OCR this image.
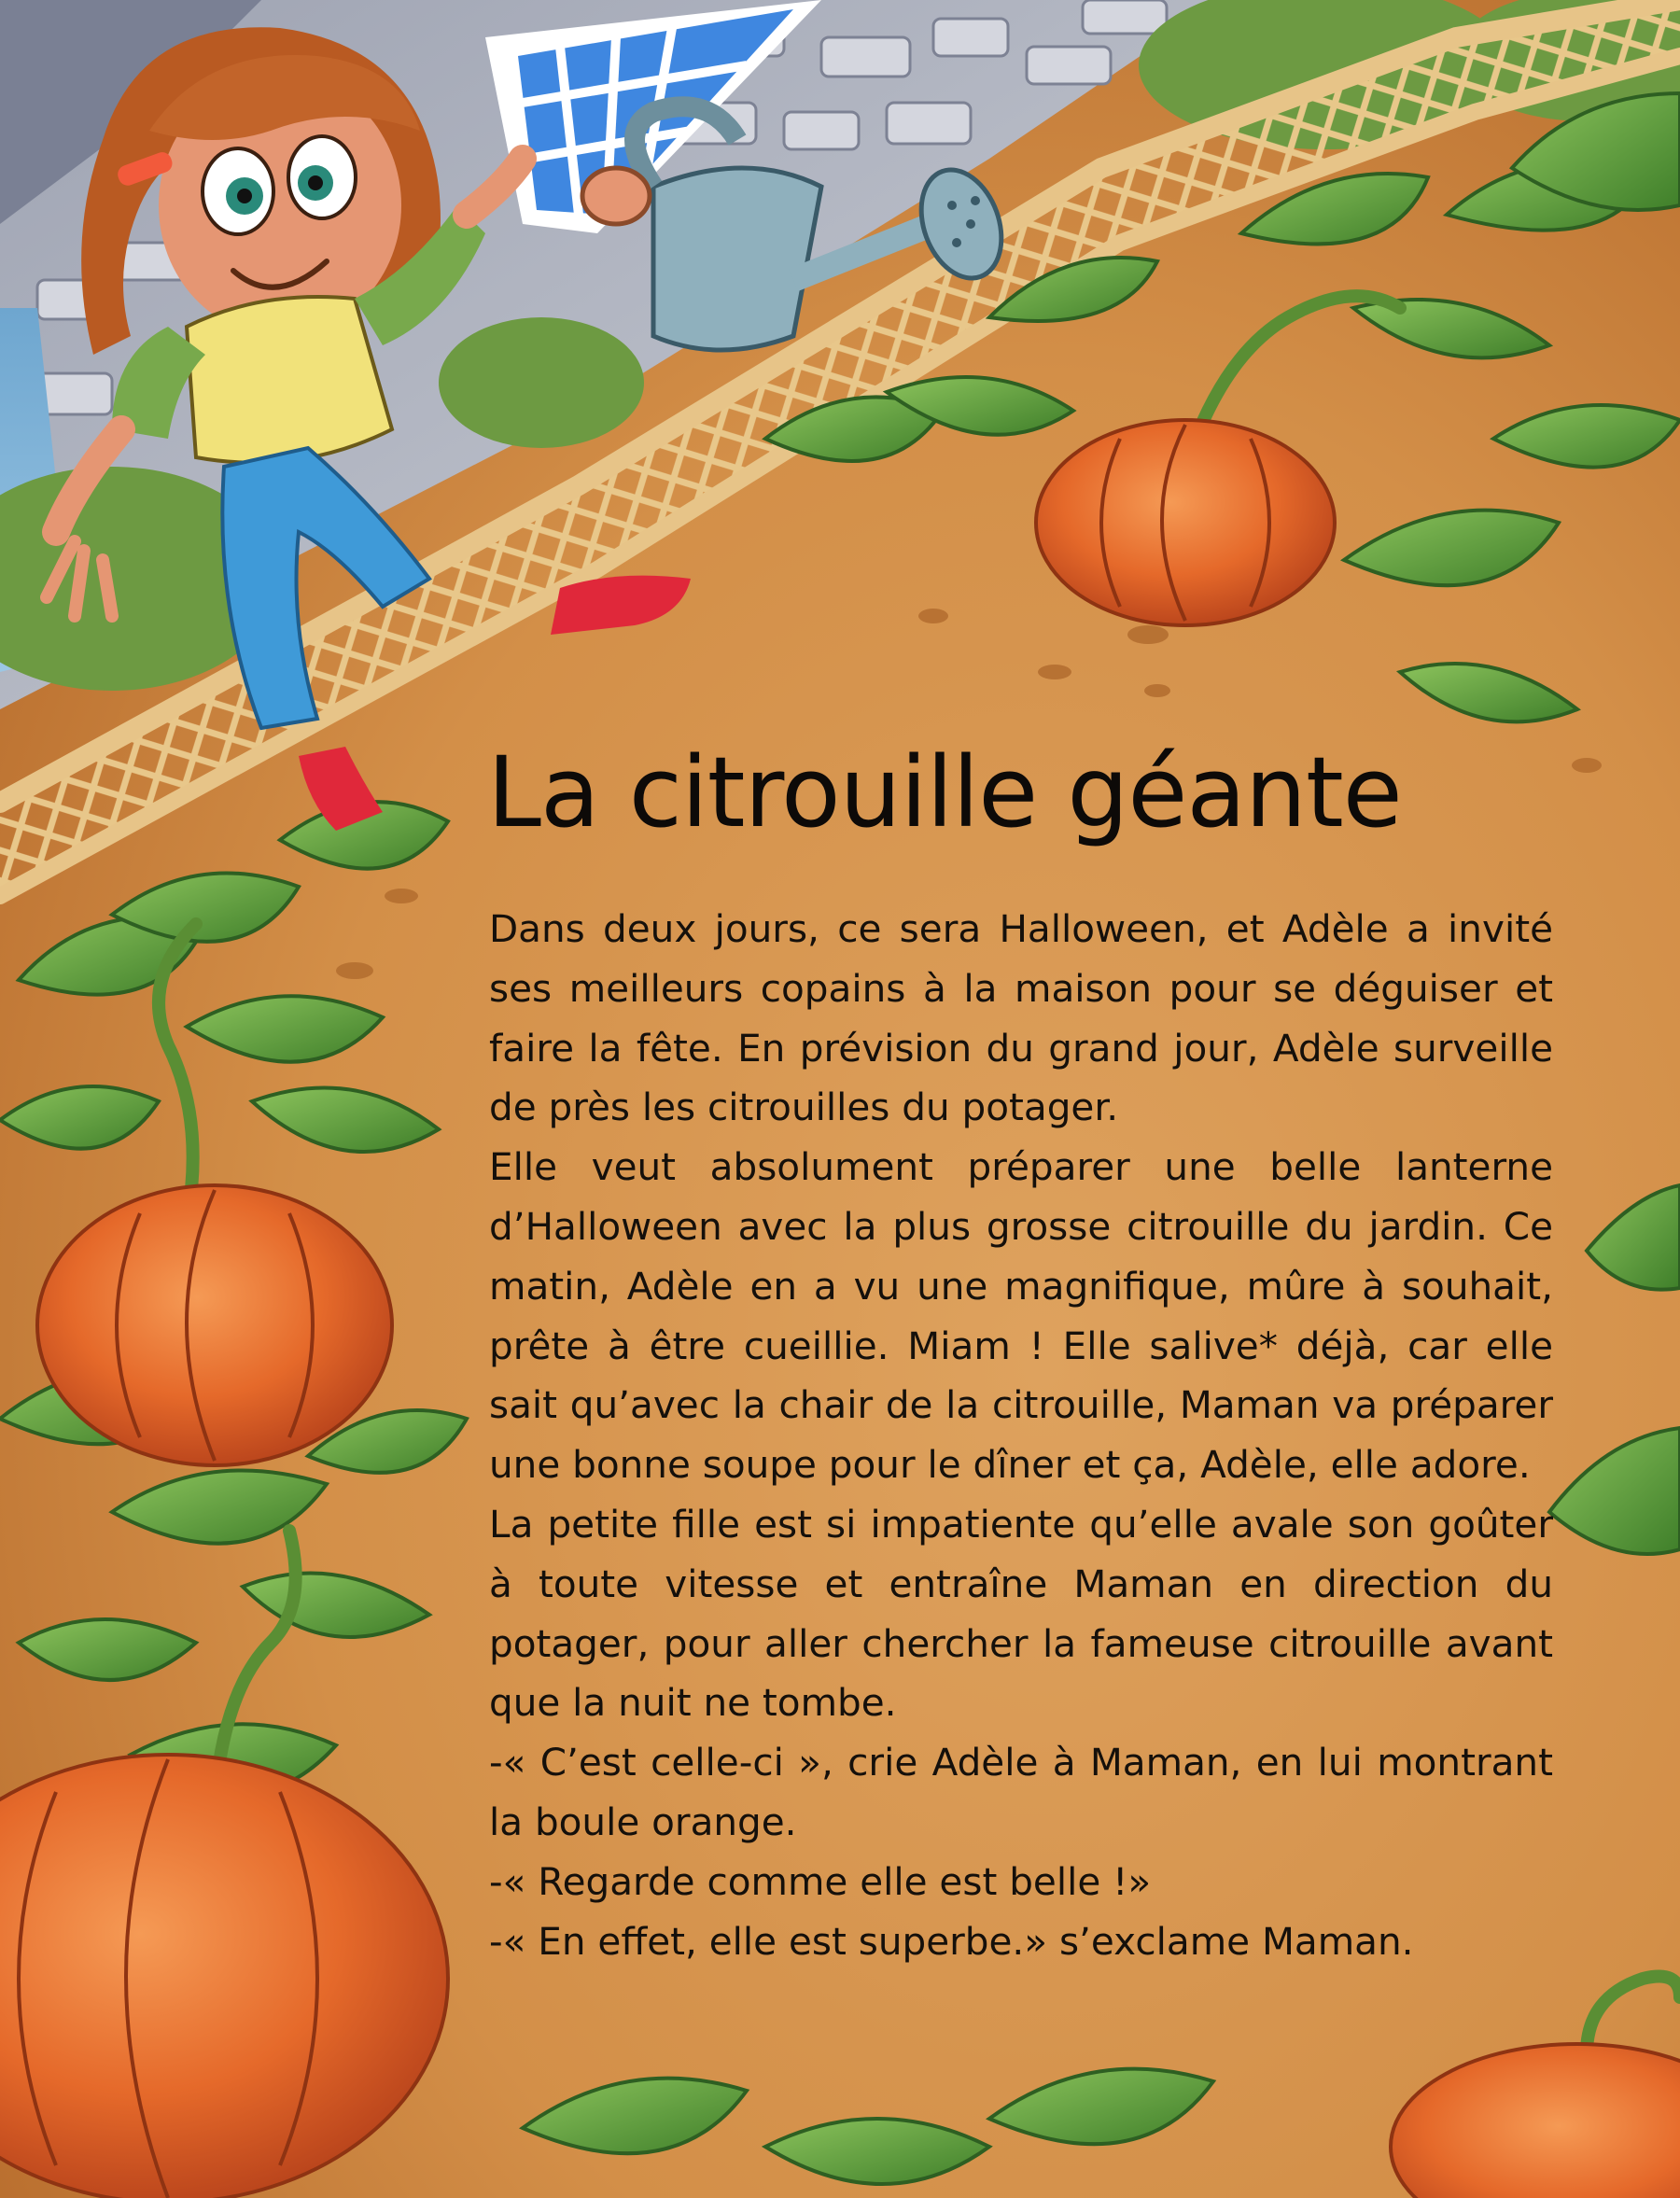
La citrouille géante

Dans deux jours, ce sera Halloween, et Adèle a invité ses meilleurs copains à la maison pour se déguiser et faire la fête. En prévision du grand jour, Adèle surveille de près les citrouilles du potager.

Elle veut absolument préparer une belle lanterne d’Halloween avec la plus grosse citrouille du jardin. Ce matin, Adèle en a vu une magnifique, mûre à souhait, prête à être cueillie. Miam ! Elle salive* déjà, car elle sait qu’avec la chair de la citrouille, Maman va préparer une bonne soupe pour le dîner et ça, Adèle, elle adore.

La petite fille est si impatiente qu’elle avale son goûter à toute vitesse et entraîne Maman en direction du potager, pour aller chercher la fameuse citrouille avant que la nuit ne tombe.

-« C’est celle-ci », crie Adèle à Maman, en lui montrant la boule orange.

-« Regarde comme elle est belle !»

-« En effet, elle est superbe.» s’exclame Maman.
